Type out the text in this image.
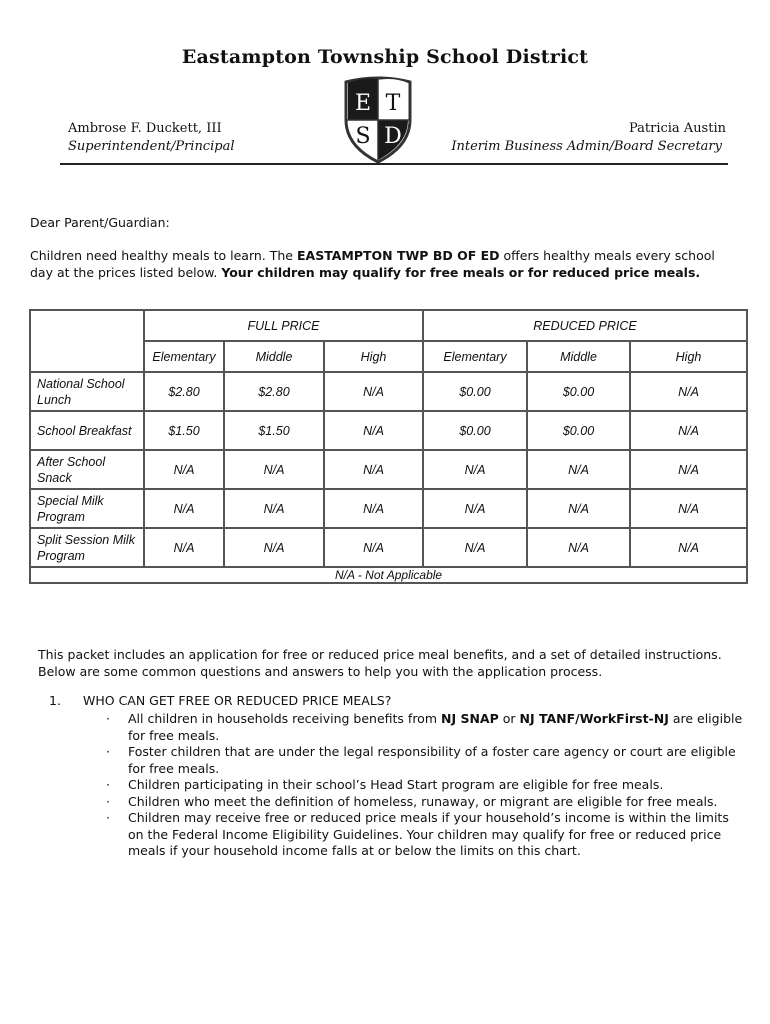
Eastampton Township School District
Ambrose F. Duckett, III
Superintendent/Principal
Patricia Austin
Interim Business Admin/Board Secretary
E T
S D
Dear Parent/Guardian:
Children need healthy meals to learn. The EASTAMPTON TWP BD OF ED offers healthy meals every school day at the prices listed below. Your children may qualify for free meals or for reduced price meals.
	FULL PRICE			REDUCED PRICE		
	Elementary	Middle	High	Elementary	Middle	High
National School Lunch	$2.80	$2.80	N/A	$0.00	$0.00	N/A
School Breakfast	$1.50	$1.50	N/A	$0.00	$0.00	N/A
After School Snack	N/A	N/A	N/A	N/A	N/A	N/A
Special Milk Program	N/A	N/A	N/A	N/A	N/A	N/A
Split Session Milk Program	N/A	N/A	N/A	N/A	N/A	N/A
N/A - Not Applicable						
This packet includes an application for free or reduced price meal benefits, and a set of detailed instructions. Below are some common questions and answers to help you with the application process.
1. WHO CAN GET FREE OR REDUCED PRICE MEALS?
· All children in households receiving benefits from NJ SNAP or NJ TANF/WorkFirst-NJ are eligible for free meals.
· Foster children that are under the legal responsibility of a foster care agency or court are eligible for free meals.
· Children participating in their school’s Head Start program are eligible for free meals.
· Children who meet the definition of homeless, runaway, or migrant are eligible for free meals.
· Children may receive free or reduced price meals if your household’s income is within the limits on the Federal Income Eligibility Guidelines. Your children may qualify for free or reduced price meals if your household income falls at or below the limits on this chart.
